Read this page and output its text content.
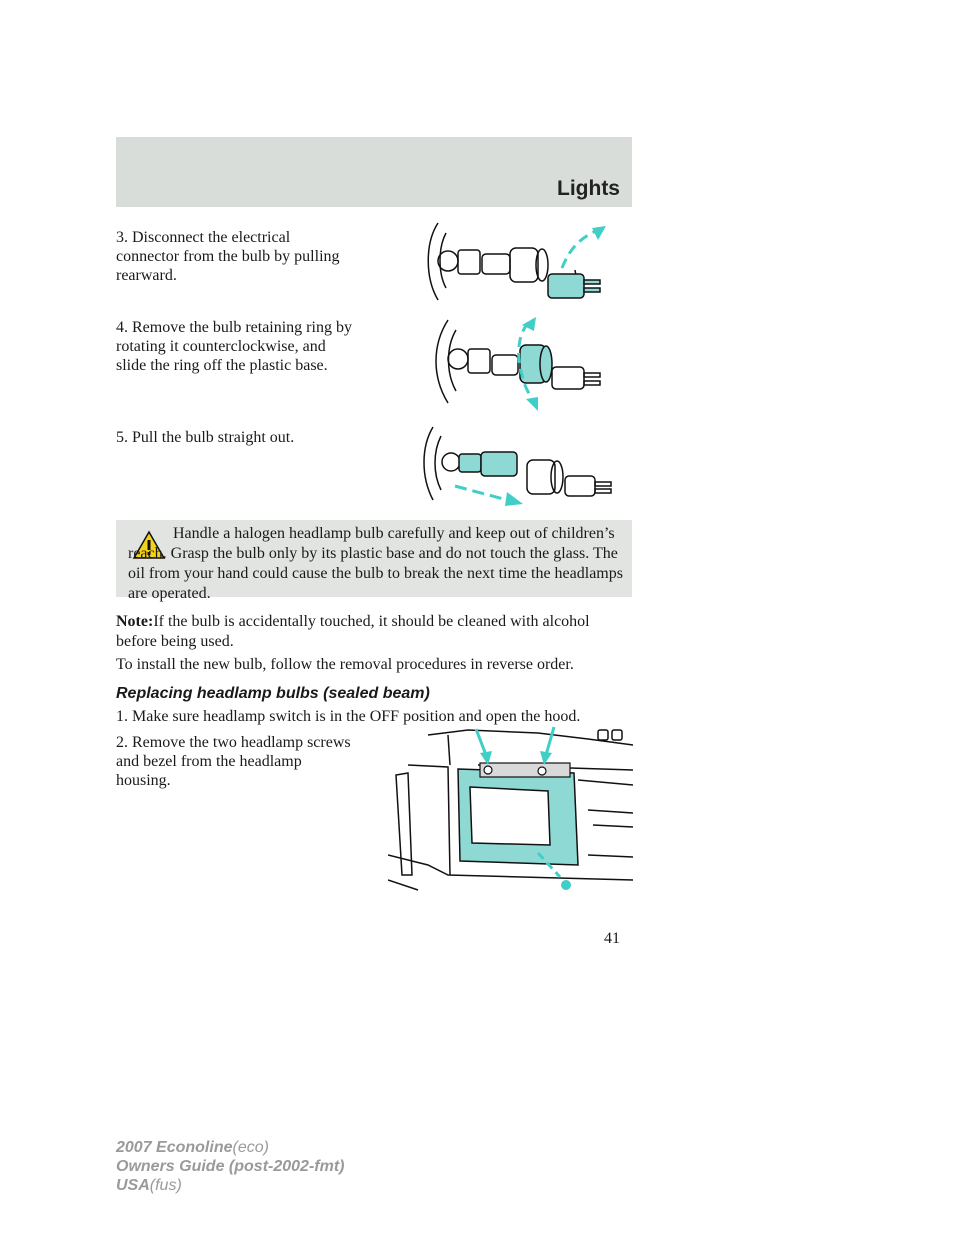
Lights
3. Disconnect the electrical
connector from the bulb by pulling
rearward.
4. Remove the bulb retaining ring by
rotating it counterclockwise, and
slide the ring off the plastic base.
5. Pull the bulb straight out.

Handle a halogen headlamp bulb carefully and keep out of children’s reach. Grasp the bulb only by its plastic base and do not touch the glass. The oil from your hand could cause the bulb to break the next time the headlamps are operated.

Note:If the bulb is accidentally touched, it should be cleaned with alcohol before being used.

To install the new bulb, follow the removal procedures in reverse order.

Replacing headlamp bulbs (sealed beam)

1. Make sure headlamp switch is in the OFF position and open the hood.

2. Remove the two headlamp screws
and bezel from the headlamp
housing.
41
2007 Econoline(eco)
Owners Guide (post-2002-fmt)
USA(fus)
